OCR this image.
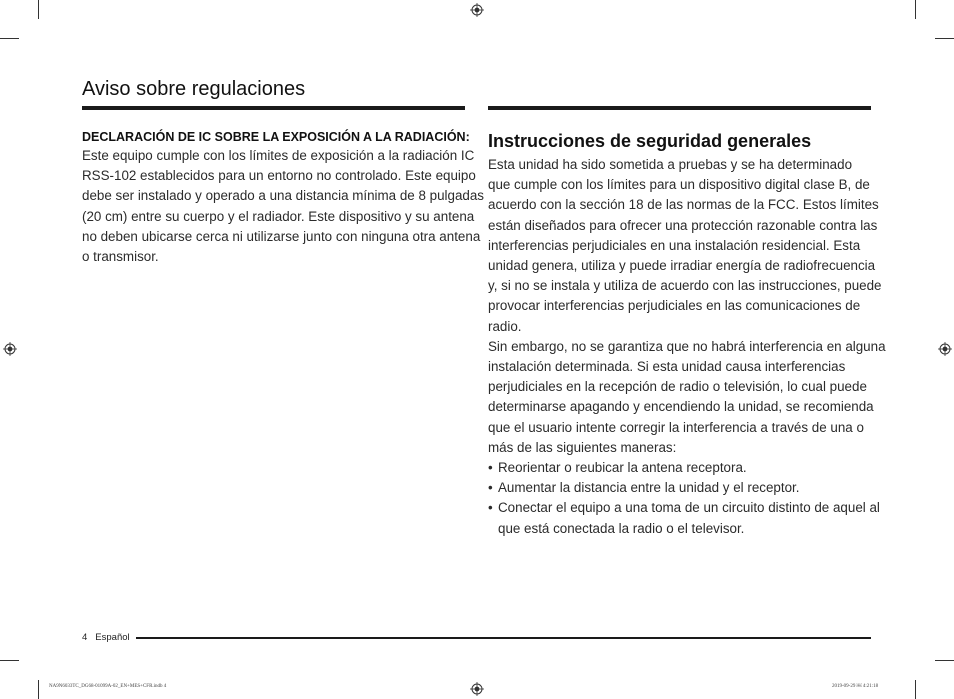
Aviso sobre regulaciones

DECLARACIÓN DE IC SOBRE LA EXPOSICIÓN A LA RADIACIÓN:

Este equipo cumple con los límites de exposición a la radiación IC
RSS-102 establecidos para un entorno no controlado. Este equipo
debe ser instalado y operado a una distancia mínima de 8 pulgadas
(20 cm) entre su cuerpo y el radiador. Este dispositivo y su antena
no deben ubicarse cerca ni utilizarse junto con ninguna otra antena
o transmisor.

Instrucciones de seguridad generales

Esta unidad ha sido sometida a pruebas y se ha determinado
que cumple con los límites para un dispositivo digital clase B, de
acuerdo con la sección 18 de las normas de la FCC. Estos límites
están diseñados para ofrecer una protección razonable contra las
interferencias perjudiciales en una instalación residencial. Esta
unidad genera, utiliza y puede irradiar energía de radiofrecuencia
y, si no se instala y utiliza de acuerdo con las instrucciones, puede
provocar interferencias perjudiciales en las comunicaciones de
radio.

Sin embargo, no se garantiza que no habrá interferencia en alguna
instalación determinada. Si esta unidad causa interferencias
perjudiciales en la recepción de radio o televisión, lo cual puede
determinarse apagando y encendiendo la unidad, se recomienda
que el usuario intente corregir la interferencia a través de una o
más de las siguientes maneras:

• Reorientar o reubicar la antena receptora.
• Aumentar la distancia entre la unidad y el receptor.
• Conectar el equipo a una toma de un circuito distinto de aquel al
que está conectada la radio o el televisor.
4 Español
NA9N6033TC_DG68-01099A-02_EN+MES+CFR.indb 4	2019-09-29 ￼ 4:21:18
